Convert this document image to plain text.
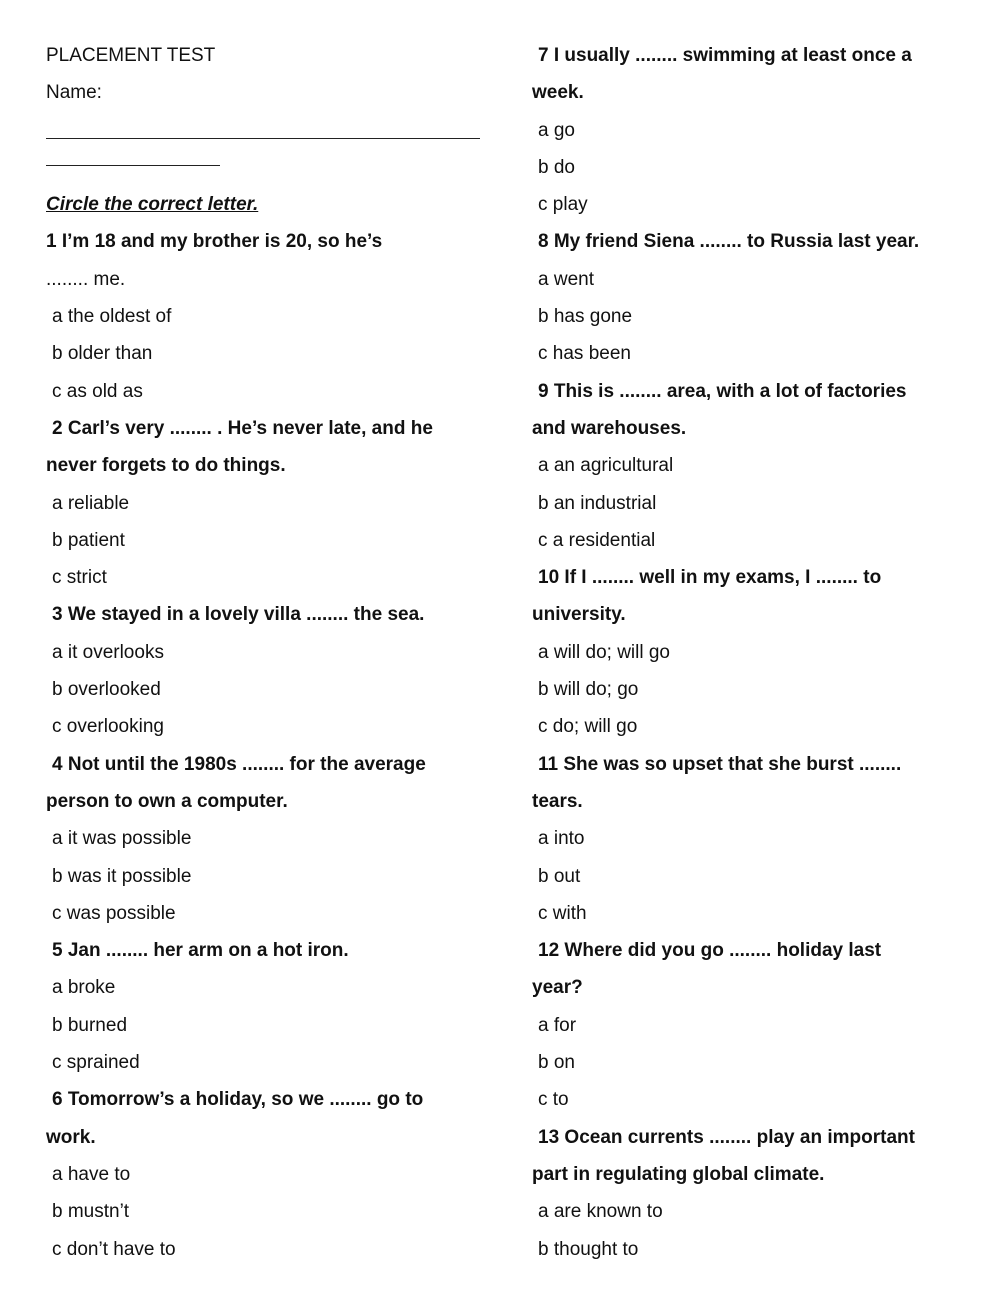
PLACEMENT TEST
Name:
Circle the correct letter.
1 I’m 18 and my brother is 20, so he’s
........ me.
a the oldest of
b older than
c as old as
2 Carl’s very ........ . He’s never late, and he
never forgets to do things.
a reliable
b patient
c strict
3 We stayed in a lovely villa ........ the sea.
a it overlooks
b overlooked
c overlooking
4 Not until the 1980s ........ for the average
person to own a computer.
a it was possible
b was it possible
c was possible
5 Jan ........ her arm on a hot iron.
a broke
b burned
c sprained
6 Tomorrow’s a holiday, so we ........ go to
work.
a have to
b mustn’t
c don’t have to
7 I usually ........ swimming at least once a
week.
a go
b do
c play
8 My friend Siena ........ to Russia last year.
a went
b has gone
c has been
9 This is ........ area, with a lot of factories
and warehouses.
a an agricultural
b an industrial
c a residential
10 If I ........ well in my exams, I ........ to
university.
a will do; will go
b will do; go
c do; will go
11 She was so upset that she burst ........
tears.
a into
b out
c with
12 Where did you go ........ holiday last
year?
a for
b on
c to
13 Ocean currents ........ play an important
part in regulating global climate.
a are known to
b thought to
